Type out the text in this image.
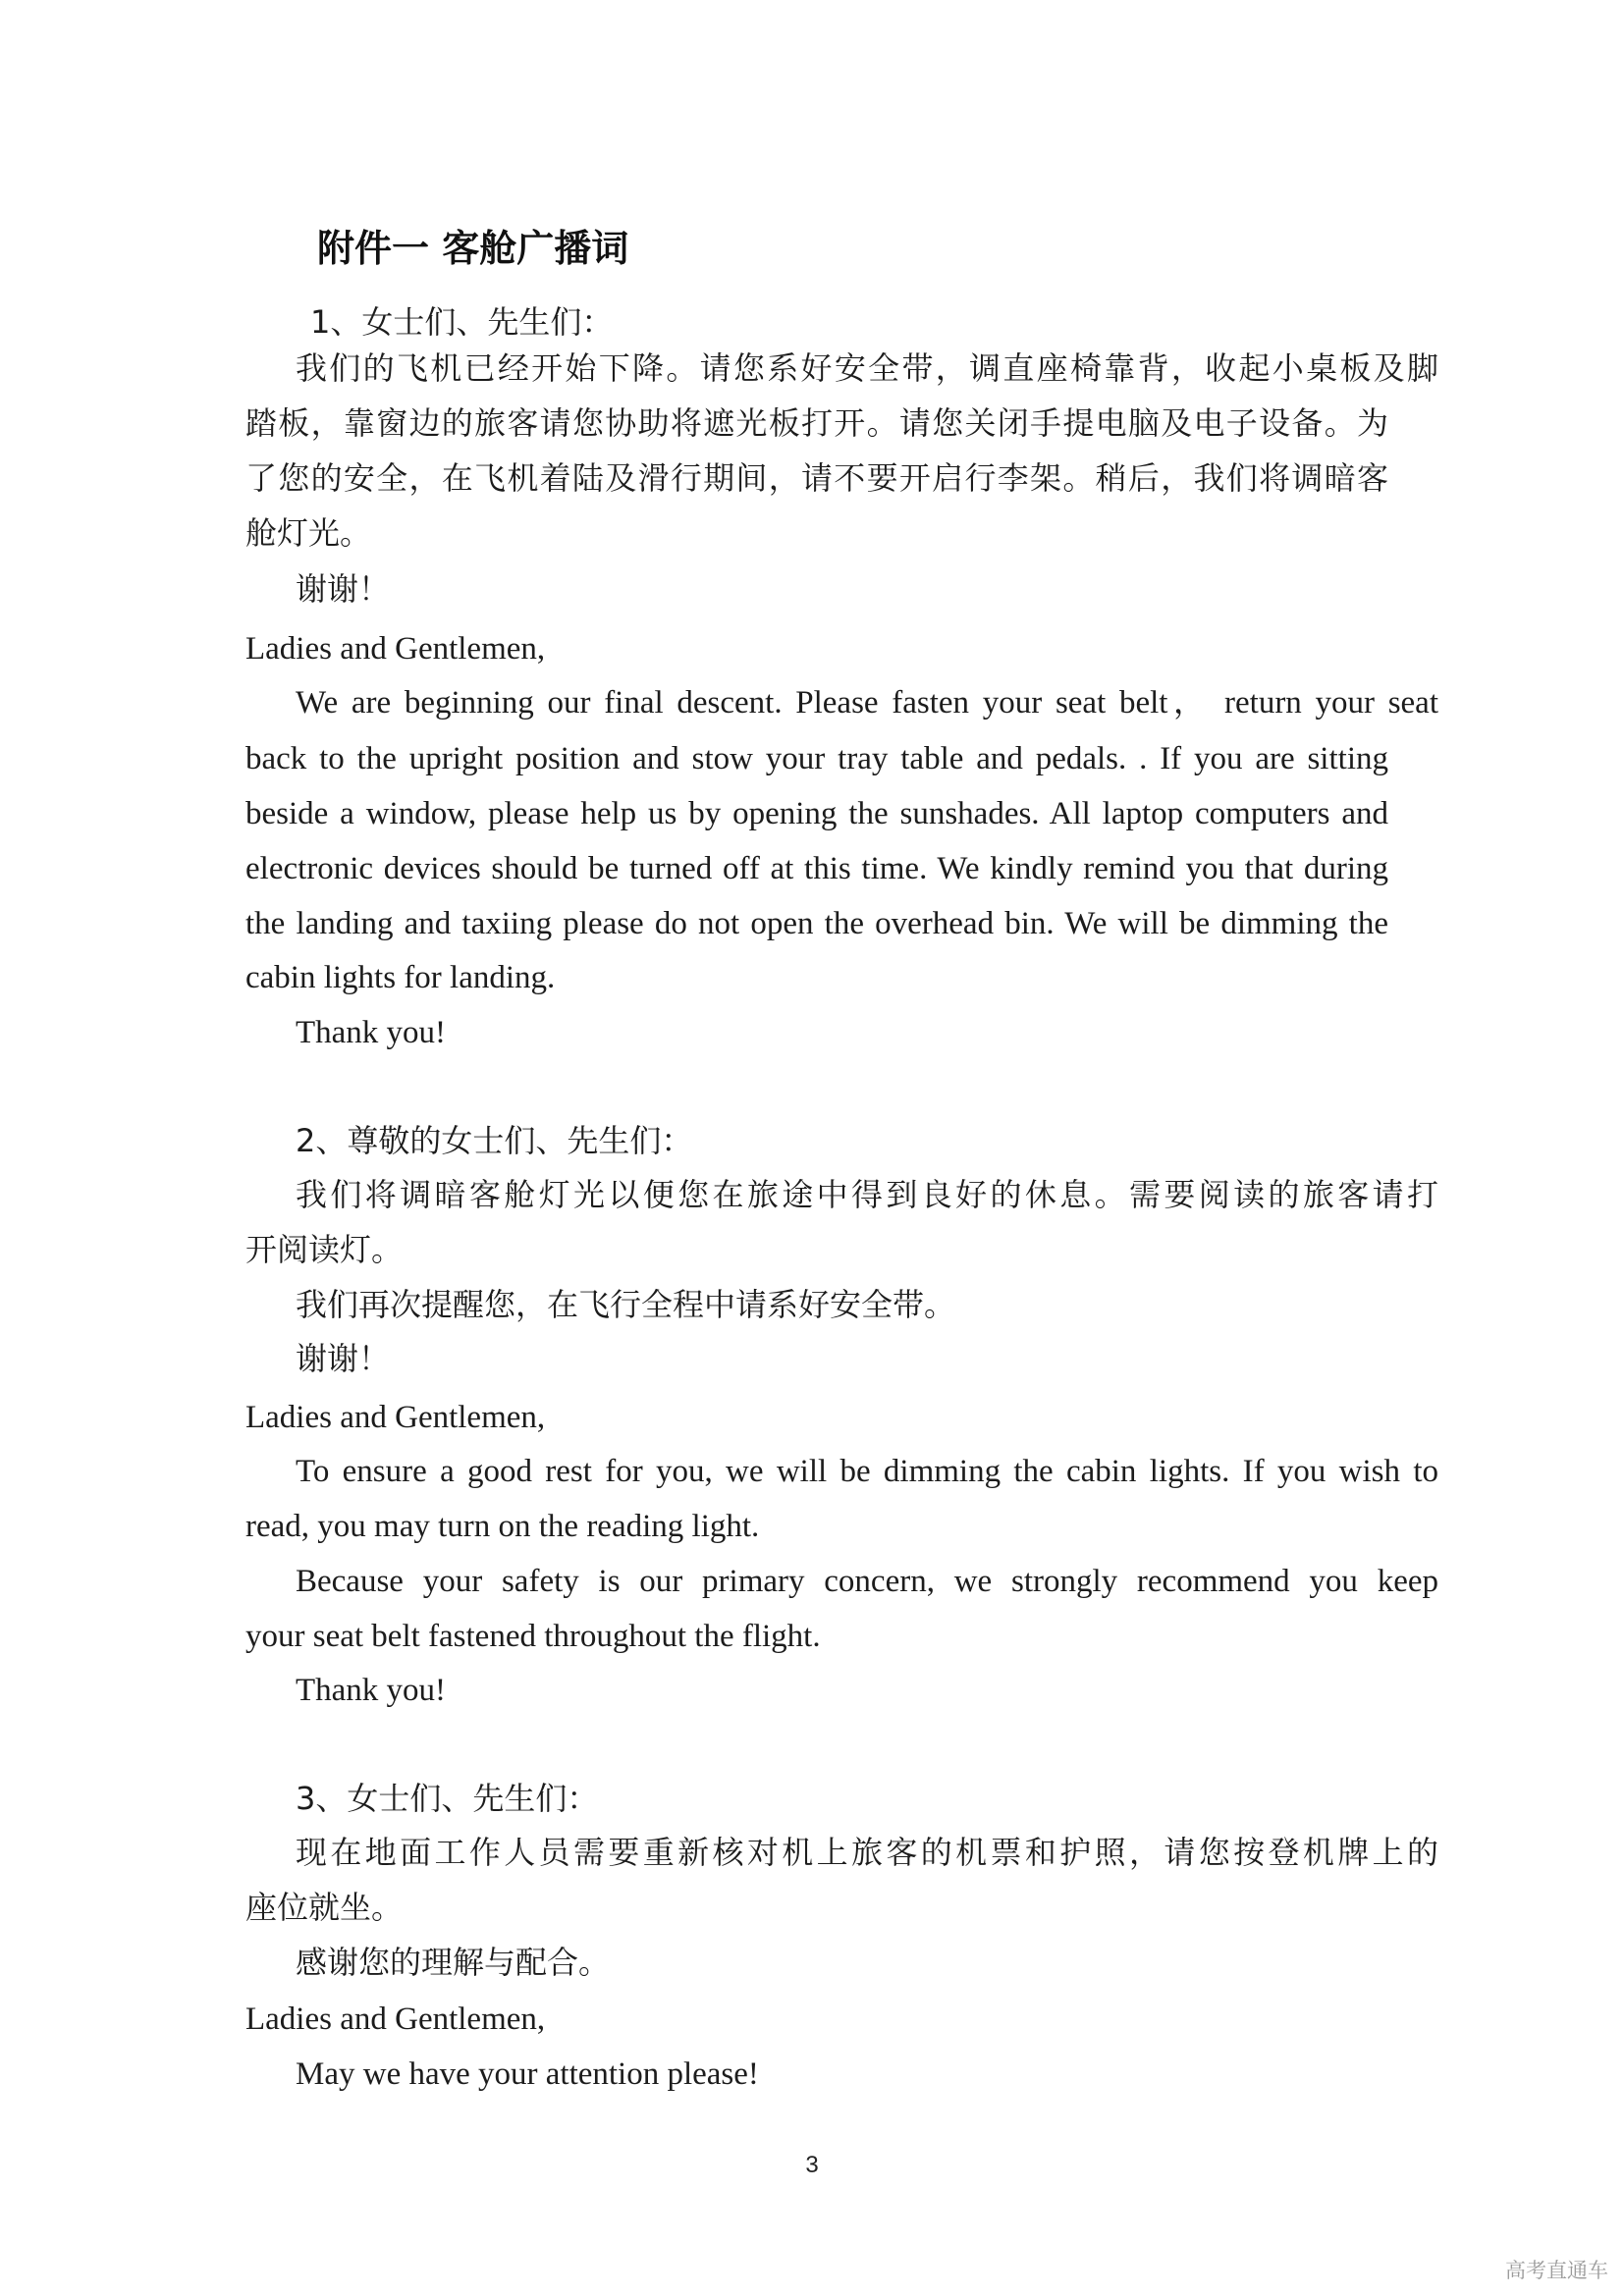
附件一 客舱广播词
1、女士们、先生们：
我们的飞机已经开始下降。请您系好安全带，调直座椅靠背，收起小桌板及脚
踏板，靠窗边的旅客请您协助将遮光板打开。请您关闭手提电脑及电子设备。为
了您的安全，在飞机着陆及滑行期间，请不要开启行李架。稍后，我们将调暗客
舱灯光。
谢谢！
Ladies and Gentlemen,
We are beginning our final descent. Please fasten your seat belt， return your seat
back to the upright position and stow your tray table and pedals. . If you are sitting
beside a window, please help us by opening the sunshades. All laptop computers and
electronic devices should be turned off at this time. We kindly remind you that during
the landing and taxiing please do not open the overhead bin. We will be dimming the
cabin lights for landing.
Thank you!
2、尊敬的女士们、先生们：
我们将调暗客舱灯光以便您在旅途中得到良好的休息。需要阅读的旅客请打
开阅读灯。
我们再次提醒您，在飞行全程中请系好安全带。
谢谢！
Ladies and Gentlemen,
To ensure a good rest for you, we will be dimming the cabin lights. If you wish to
read, you may turn on the reading light.
Because your safety is our primary concern, we strongly recommend you keep
your seat belt fastened throughout the flight.
Thank you!
3、女士们、先生们：
现在地面工作人员需要重新核对机上旅客的机票和护照，请您按登机牌上的
座位就坐。
感谢您的理解与配合。
Ladies and Gentlemen,
May we have your attention please!
3
高考直通车
